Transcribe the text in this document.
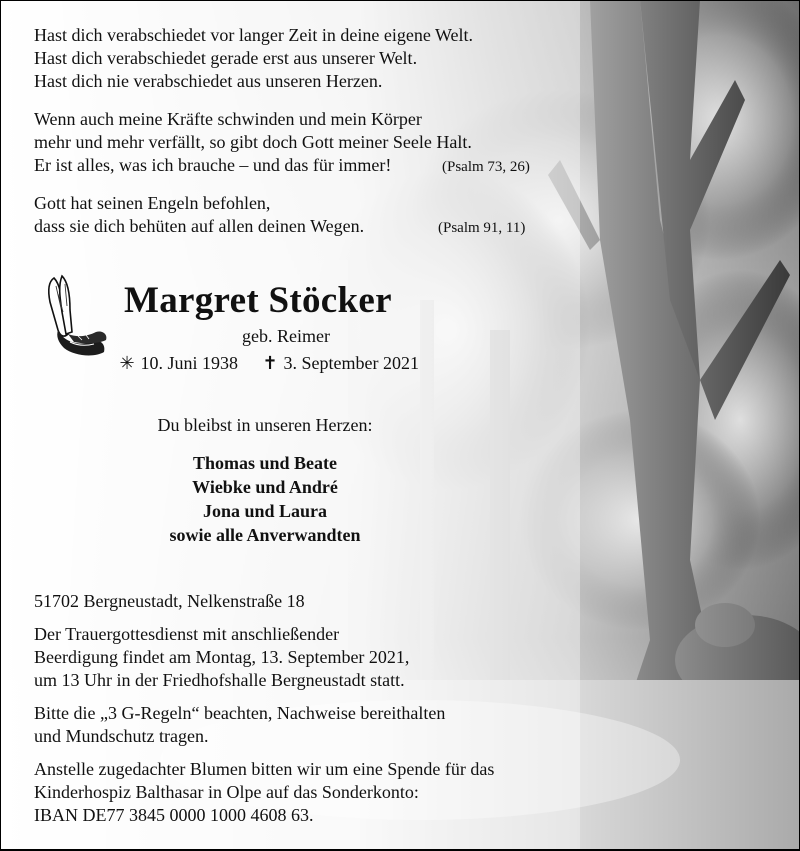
Hast dich verabschiedet vor langer Zeit in deine eigene Welt.
Hast dich verabschiedet gerade erst aus unserer Welt.
Hast dich nie verabschiedet aus unseren Herzen.
Wenn auch meine Kräfte schwinden und mein Körper
mehr und mehr verfällt, so gibt doch Gott meiner Seele Halt.
Er ist alles, was ich brauche – und das für immer!	(Psalm 73, 26)
Gott hat seinen Engeln befohlen,
dass sie dich behüten auf allen deinen Wegen.	(Psalm 91, 11)
Margret Stöcker
geb. Reimer
✳ 10. Juni 1938 ✝ 3. September 2021
Du bleibst in unseren Herzen:
Thomas und Beate
Wiebke und André
Jona und Laura
sowie alle Anverwandten
51702 Bergneustadt, Nelkenstraße 18
Der Trauergottesdienst mit anschließender
Beerdigung findet am Montag, 13. September 2021,
um 13 Uhr in der Friedhofshalle Bergneustadt statt.
Bitte die „3 G-Regeln“ beachten, Nachweise bereithalten
und Mundschutz tragen.
Anstelle zugedachter Blumen bitten wir um eine Spende für das
Kinderhospiz Balthasar in Olpe auf das Sonderkonto:
IBAN DE77 3845 0000 1000 4608 63.
